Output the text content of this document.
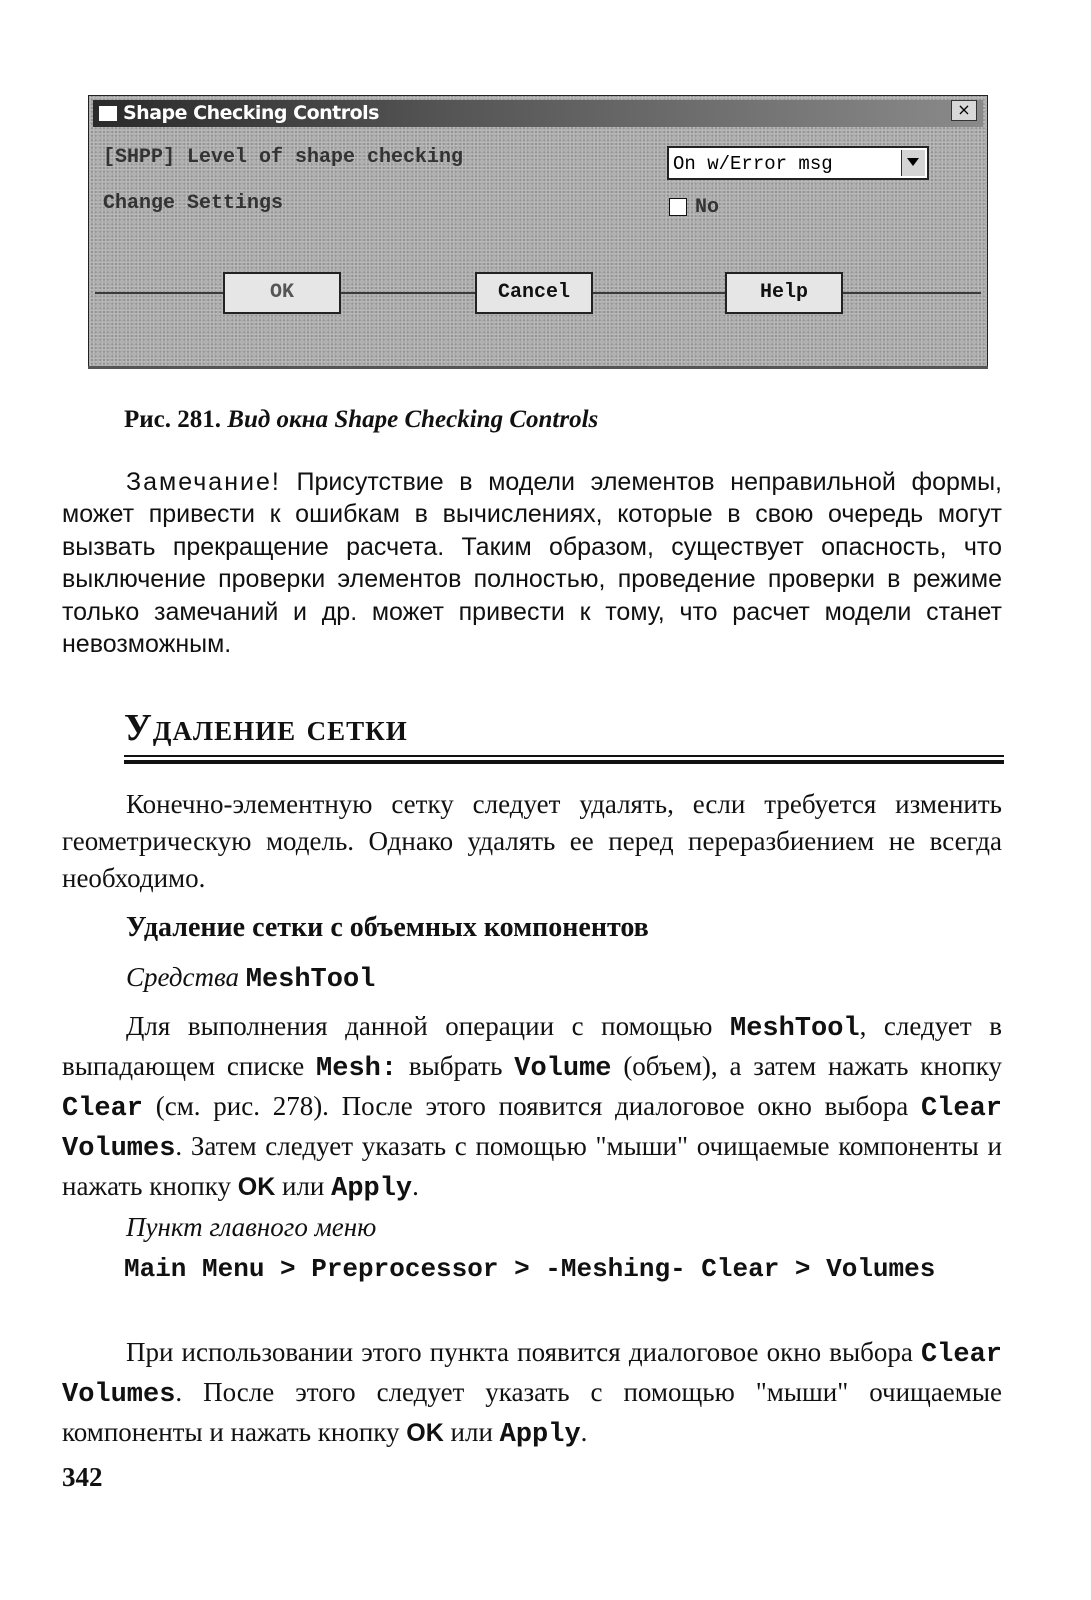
Shape Checking Controls	×
[SHPP] Level of shape checking	On w/Error msg
Change Settings	No
OK	Cancel	Help
Рис. 281. Вид окна Shape Checking Controls
Замечание! Присутствие в модели элементов неправильной формы, может привести к ошибкам в вычислениях, которые в свою очередь могут вызвать прекращение расчета. Таким образом, существует опасность, что выключение проверки элементов полностью, проведение проверки в режиме только замечаний и др. может привести к тому, что расчет модели станет невозможным.
Удаление сетки
Конечно-элементную сетку следует удалять, если требуется изменить геометрическую модель. Однако удалять ее перед переразбиением не всегда необходимо.
Удаление сетки с объемных компонентов
Средства MeshTool
Для выполнения данной операции с помощью MeshTool, следует в выпадающем списке Mesh: выбрать Volume (объем), а затем нажать кнопку Clear (см. рис. 278). После этого появится диалоговое окно выбора Clear Volumes. Затем следует указать с помощью "мыши" очищаемые компоненты и нажать кнопку OK или Apply.
Пункт главного меню
Main Menu > Preprocessor > -Meshing- Clear > Volumes
При использовании этого пункта появится диалоговое окно выбора Clear Volumes. После этого следует указать с помощью "мыши" очищаемые компоненты и нажать кнопку OK или Apply.
342
